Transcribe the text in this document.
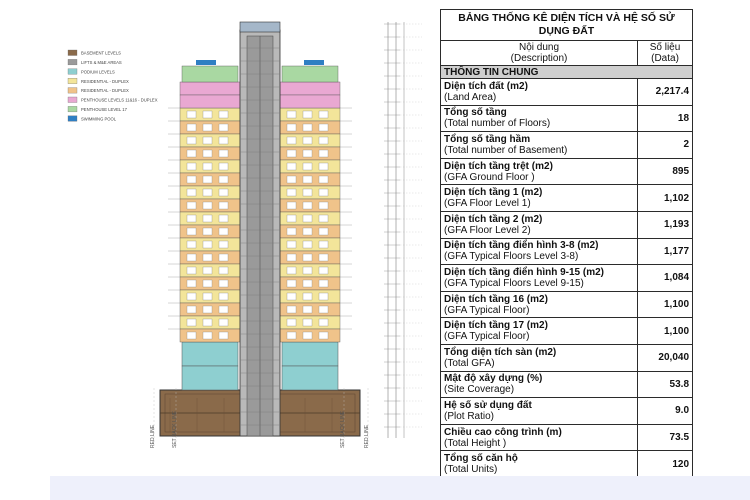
BASEMENT LEVELS
LIFTS & M&E AREAS
PODIUM LEVELS
RESIDENTIAL - DUPLEX
RESIDENTIAL - DUPLEX
PENTHOUSE LEVELS 11&16 - DUPLEX
PENTHOUSE LEVEL 17
SWIMMING POOL
RED LINE	SET BACK LINE	SET BACK LINE	RED LINE
BẢNG THỐNG KÊ DIỆN TÍCH VÀ HỆ SỐ SỬ DỤNG ĐẤT	

Nội dung
(Description)	Số liệu
(Data)

THÔNG TIN CHUNG	

Diện tích đất (m2)
(Land Area)	2,217.4

Tổng số tầng
(Total number of Floors)	18

Tổng số tầng hầm
(Total number of Basement)	2

Diện tích tầng trệt (m2)
(GFA Ground Floor )	895

Diện tích tầng 1 (m2)
(GFA Floor Level 1)	1,102

Diện tích tầng 2 (m2)
(GFA Floor Level 2)	1,193

Diện tích tầng điển hình 3-8 (m2)
(GFA Typical Floors Level 3-8)	1,177

Diện tích tầng điển hình 9-15 (m2)
(GFA Typical Floors Level 9-15)	1,084

Diện tích tầng 16 (m2)
(GFA Typical Floor)	1,100

Diện tích tầng 17 (m2)
(GFA Typical Floor)	1,100

Tổng diện tích sàn (m2)
(Total GFA)	20,040

Mật độ xây dựng (%)
(Site Coverage)	53.8

Hệ số sử dụng đất
(Plot Ratio)	9.0

Chiều cao công trình (m)
(Total Height )	73.5

Tổng số căn hộ
(Total Units)	120
